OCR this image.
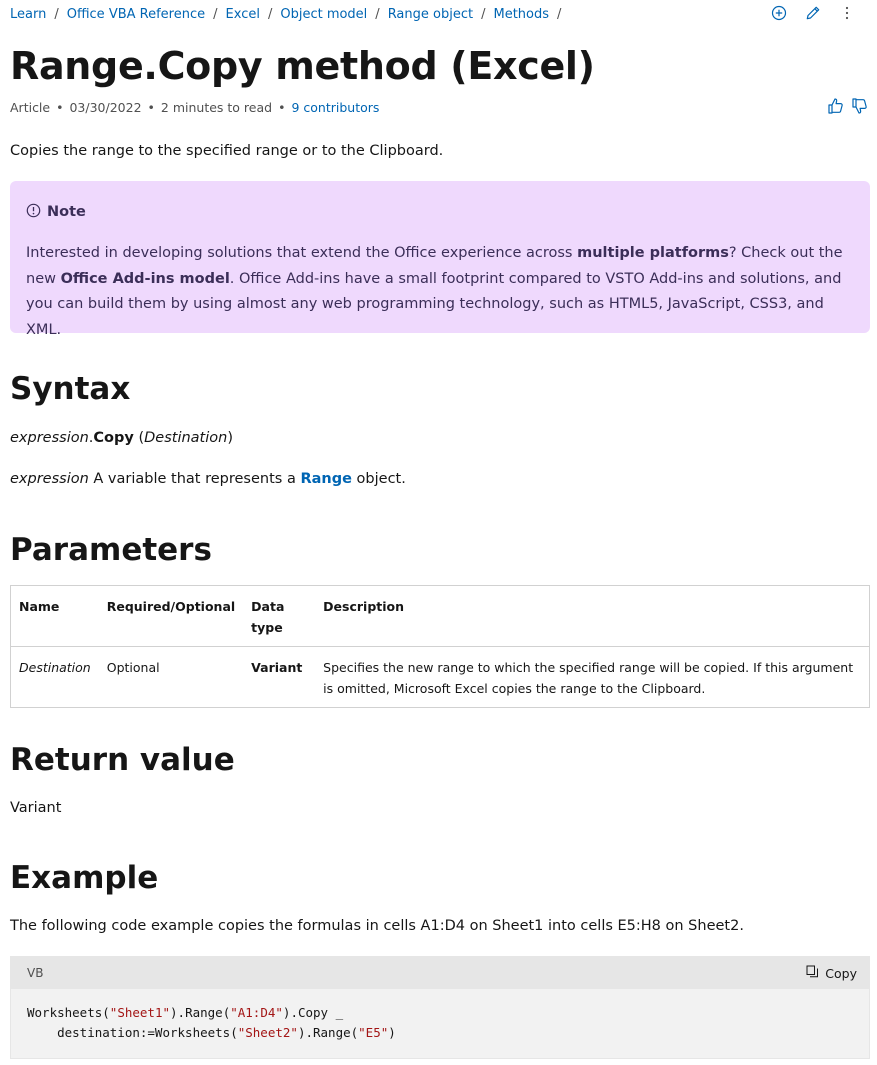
Learn / Office VBA Reference / Excel / Object model / Range object / Methods /
Range.Copy method (Excel)
Article • 03/30/2022 • 2 minutes to read • 9 contributors

Copies the range to the specified range or to the Clipboard.

Note

Interested in developing solutions that extend the Office experience across multiple platforms? Check out the new Office Add-ins model. Office Add-ins have a small footprint compared to VSTO Add-ins and solutions, and you can build them by using almost any web programming technology, such as HTML5, JavaScript, CSS3, and XML.

Syntax

expression.Copy (Destination)

expression A variable that represents a Range object.

Parameters
Name	Required/Optional	Data type	Description
Destination	Optional	Variant	Specifies the new range to which the specified range will be copied. If this argument is omitted, Microsoft Excel copies the range to the Clipboard.
Return value

Variant

Example

The following code example copies the formulas in cells A1:D4 on Sheet1 into cells E5:H8 on Sheet2.

VB	Copy
Worksheets("Sheet1").Range("A1:D4").Copy _
destination:=Worksheets("Sheet2").Range("E5")
